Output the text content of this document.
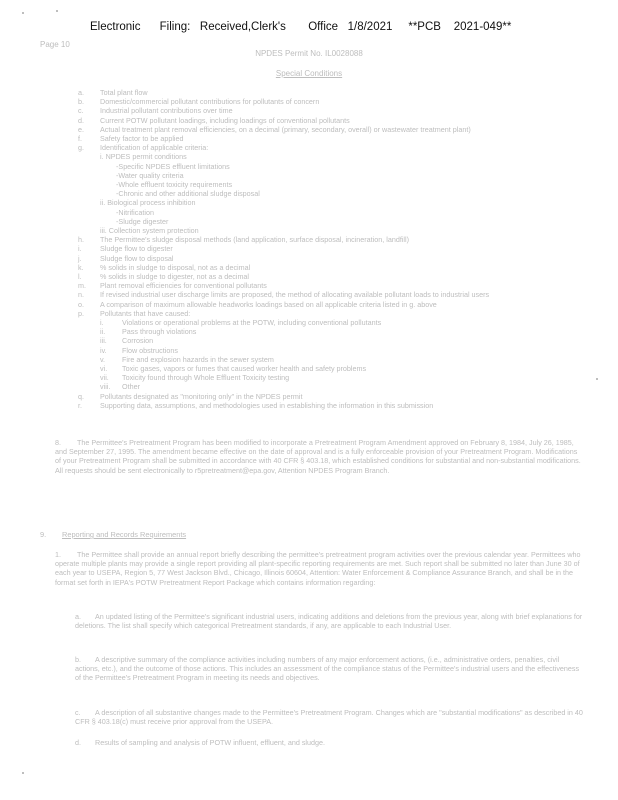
Electronic      Filing:   Received,Clerk's       Office   1/8/2021     **PCB    2021-049**
Page 10
NPDES Permit No. IL0028088
Special Conditions
a. Total plant flow
b. Domestic/commercial pollutant contributions for pollutants of concern
c. Industrial pollutant contributions over time
d. Current POTW pollutant loadings, including loadings of conventional pollutants
e. Actual treatment plant removal efficiencies, on a decimal (primary, secondary, overall) or wastewater treatment plant)
f.	Safety factor to be applied
g. Identification of applicable criteria:
i. NPDES permit conditions
-Specific NPDES effluent limitations
-Water quality criteria
-Whole effluent toxicity requirements
-Chronic and other additional sludge disposal
ii. Biological process inhibition
-Nitrification
-Sludge digester
iii. Collection system protection
h. The Permittee's sludge disposal methods (land application, surface disposal, incineration, landfill)
i.	Sludge flow to digester
j.	Sludge flow to disposal
k. % solids in sludge to disposal, not as a decimal
l.	% solids in sludge to digester, not as a decimal
m. Plant removal efficiencies for conventional pollutants
n. If revised industrial user discharge limits are proposed, the method of allocating available pollutant loads to industrial users
o. A comparison of maximum allowable headworks loadings based on all applicable criteria listed in g. above
p. Pollutants that have caused:
i.	Violations or operational problems at the POTW, including conventional pollutants
ii. Pass through violations
iii. Corrosion
iv. Flow obstructions
v. Fire and explosion hazards in the sewer system
vi. Toxic gases, vapors or fumes that caused worker health and safety problems
vii. Toxicity found through Whole Effluent Toxicity testing
viii. Other
q. Pollutants designated as "monitoring only" in the NPDES permit
r.	Supporting data, assumptions, and methodologies used in establishing the information in this submission
8. The Permittee's Pretreatment Program has been modified to incorporate a Pretreatment Program Amendment approved on February 8, 1984, July 26, 1985, and September 27, 1995. The amendment became effective on the date of approval and is a fully enforceable provision of your Pretreatment Program. Modifications of your Pretreatment Program shall be submitted in accordance with 40 CFR § 403.18, which established conditions for substantial and non-substantial modifications. All requests should be sent electronically to r5pretreatment@epa.gov, Attention NPDES Program Branch.
9. Reporting and Records Requirements
1. The Permittee shall provide an annual report briefly describing the permittee's pretreatment program activities over the previous calendar year. Permittees who operate multiple plants may provide a single report providing all plant-specific reporting requirements are met. Such report shall be submitted no later than June 30 of each year to USEPA, Region 5, 77 West Jackson Blvd., Chicago, Illinois 60604, Attention: Water Enforcement & Compliance Assurance Branch, and shall be in the format set forth in IEPA's POTW Pretreatment Report Package which contains information regarding:
a. An updated listing of the Permittee's significant industrial users, indicating additions and deletions from the previous year, along with brief explanations for deletions. The list shall specify which categorical Pretreatment standards, if any, are applicable to each Industrial User.
b. A descriptive summary of the compliance activities including numbers of any major enforcement actions, (i.e., administrative orders, penalties, civil actions, etc.), and the outcome of those actions. This includes an assessment of the compliance status of the Permittee's industrial users and the effectiveness of the Permittee's Pretreatment Program in meeting its needs and objectives.
c. A description of all substantive changes made to the Permittee's Pretreatment Program. Changes which are "substantial modifications" as described in 40 CFR § 403.18(c) must receive prior approval from the USEPA.
d. Results of sampling and analysis of POTW influent, effluent, and sludge.
